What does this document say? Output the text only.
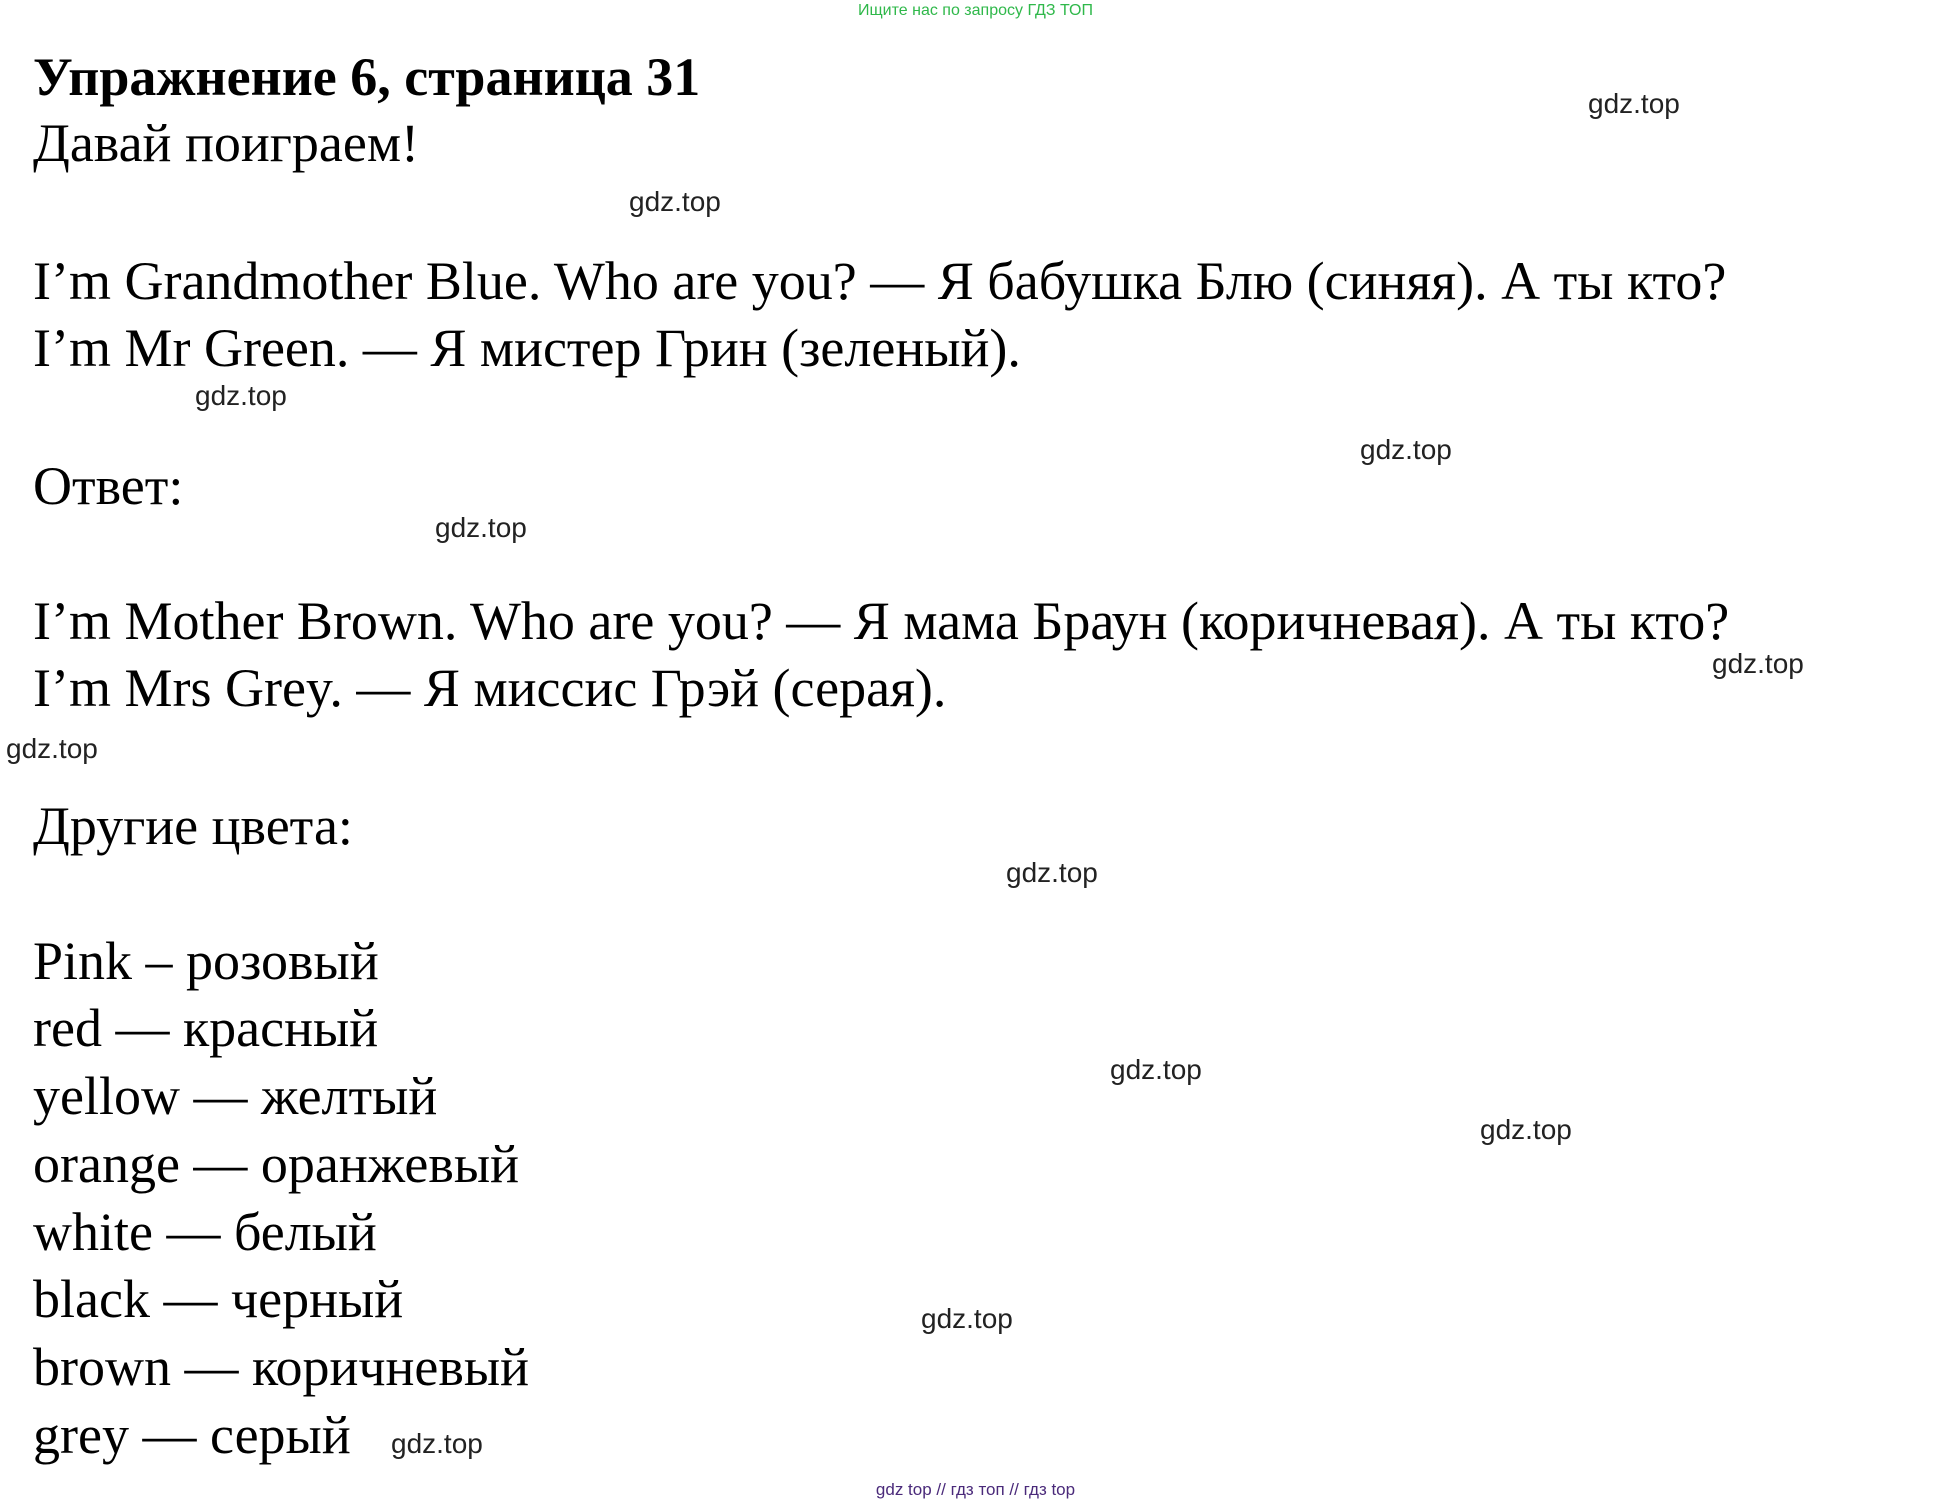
Ищите нас по запросу ГДЗ ТОП
Упражнение 6, страница 31
Давай поиграем!
I’m Grandmother Blue. Who are you? — Я бабушка Блю (синяя). А ты кто?
I’m Mr Green. — Я мистер Грин (зеленый).
Ответ:
I’m Mother Brown. Who are you? — Я мама Браун (коричневая). А ты кто?
I’m Mrs Grey. — Я миссис Грэй (серая).
Другие цвета:
Pink – розовый
red — красный
yellow — желтый
orange — оранжевый
white — белый
black — черный
brown — коричневый
grey — серый
gdz.top
gdz.top
gdz.top
gdz.top
gdz.top
gdz.top
gdz.top
gdz.top
gdz.top
gdz.top
gdz.top
gdz.top
gdz top // гдз топ // гдз top
